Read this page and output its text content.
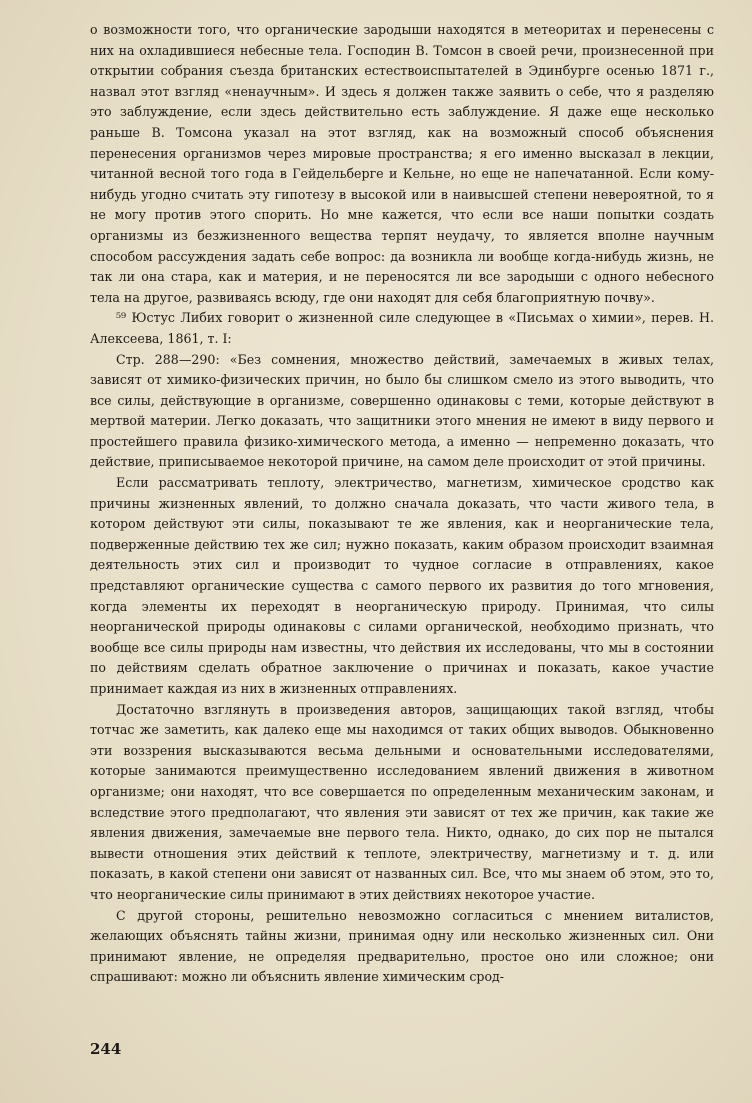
о возможности того, что органические зародыши находятся в метеоритах и перенесены с них на охладившиеся небесные тела. Господин В. Томсон в своей речи, произнесенной при открытии собрания съезда британских естествоиспытателей в Эдинбурге осенью 1871 г., назвал этот взгляд «ненаучным». И здесь я должен также заявить о себе, что я разделяю это заблуждение, если здесь действительно есть заблуждение. Я даже еще несколько раньше В. Томсона указал на этот взгляд, как на возможный способ объяснения перенесения организмов через мировые пространства; я его именно высказал в лекции, читанной весной того года в Гейдельберге и Кельне, но еще не напечатанной. Если кому-нибудь угодно считать эту гипотезу в высокой или в наивысшей степени невероятной, то я не могу против этого спорить. Но мне кажется, что если все наши попытки создать организмы из безжизненного вещества терпят неудачу, то является вполне научным способом рассуждения задать себе вопрос: да возникла ли вообще когда-нибудь жизнь, не так ли она стара, как и материя, и не переносятся ли все зародыши с одного небесного тела на другое, развиваясь всюду, где они находят для себя благоприятную почву».

⁵⁹ Юстус Либих говорит о жизненной силе следующее в «Письмах о химии», перев. Н. Алексеева, 1861, т. I:

Стр. 288—290: «Без сомнения, множество действий, замечаемых в живых телах, зависят от химико-физических причин, но было бы слишком смело из этого выводить, что все силы, действующие в организме, совершенно одинаковы с теми, которые действуют в мертвой материи. Легко доказать, что защитники этого мнения не имеют в виду первого и простейшего правила физико-химического метода, а именно — непременно доказать, что действие, приписываемое некоторой причине, на самом деле происходит от этой причины.

Если рассматривать теплоту, электричество, магнетизм, химическое сродство как причины жизненных явлений, то должно сначала доказать, что части живого тела, в котором действуют эти силы, показывают те же явления, как и неорганические тела, подверженные действию тех же сил; нужно показать, каким образом происходит взаимная деятельность этих сил и производит то чудное согласие в отправлениях, какое представляют органические существа с самого первого их развития до того мгновения, когда элементы их переходят в неорганическую природу. Принимая, что силы неорганической природы одинаковы с силами органической, необходимо признать, что вообще все силы природы нам известны, что действия их исследованы, что мы в состоянии по действиям сделать обратное заключение о причинах и показать, какое участие принимает каждая из них в жизненных отправлениях.

Достаточно взглянуть в произведения авторов, защищающих такой взгляд, чтобы тотчас же заметить, как далеко еще мы находимся от таких общих выводов. Обыкновенно эти воззрения высказываются весьма дельными и основательными исследователями, которые занимаются преимущественно исследованием явлений движения в животном организме; они находят, что все совершается по определенным механическим законам, и вследствие этого предполагают, что явления эти зависят от тех же причин, как такие же явления движения, замечаемые вне первого тела. Никто, однако, до сих пор не пытался вывести отношения этих действий к теплоте, электричеству, магнетизму и т. д. или показать, в какой степени они зависят от названных сил. Все, что мы знаем об этом, это то, что неорганические силы принимают в этих действиях некоторое участие.

С другой стороны, решительно невозможно согласиться с мнением виталистов, желающих объяснять тайны жизни, принимая одну или несколько жизненных сил. Они принимают явление, не определяя предварительно, простое оно или сложное; они спрашивают: можно ли объяснить явление химическим срод-

244
